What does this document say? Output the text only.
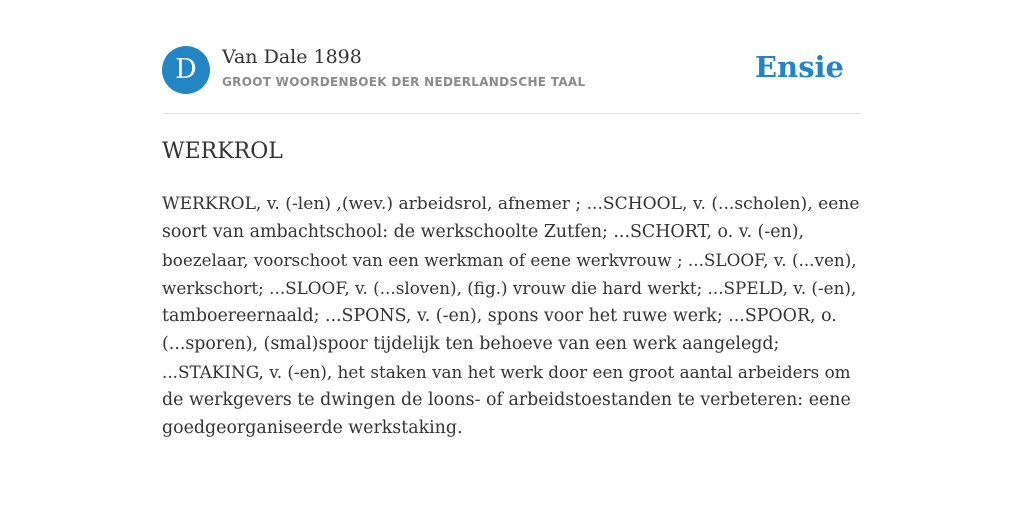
D	Van Dale 1898
GROOT WOORDENBOEK DER NEDERLANDSCHE TAAL	Ensie
WERKROL
WERKROL, v. (-len) ,(wev.) arbeidsrol, afnemer ; ...SCHOOL, v. (...scholen), eene
soort van ambachtschool: de werkschoolte Zutfen; ...SCHORT, o. v. (-en),
boezelaar, voorschoot van een werkman of eene werkvrouw ; ...SLOOF, v. (...ven),
werkschort; ...SLOOF, v. (...sloven), (fig.) vrouw die hard werkt; ...SPELD, v. (-en),
tamboereernaald; ...SPONS, v. (-en), spons voor het ruwe werk; ...SPOOR, o.
(...sporen), (smal)spoor tijdelijk ten behoeve van een werk aangelegd;
...STAKING, v. (-en), het staken van het werk door een groot aantal arbeiders om
de werkgevers te dwingen de loons- of arbeidstoestanden te verbeteren: eene
goedgeorganiseerde werkstaking.
